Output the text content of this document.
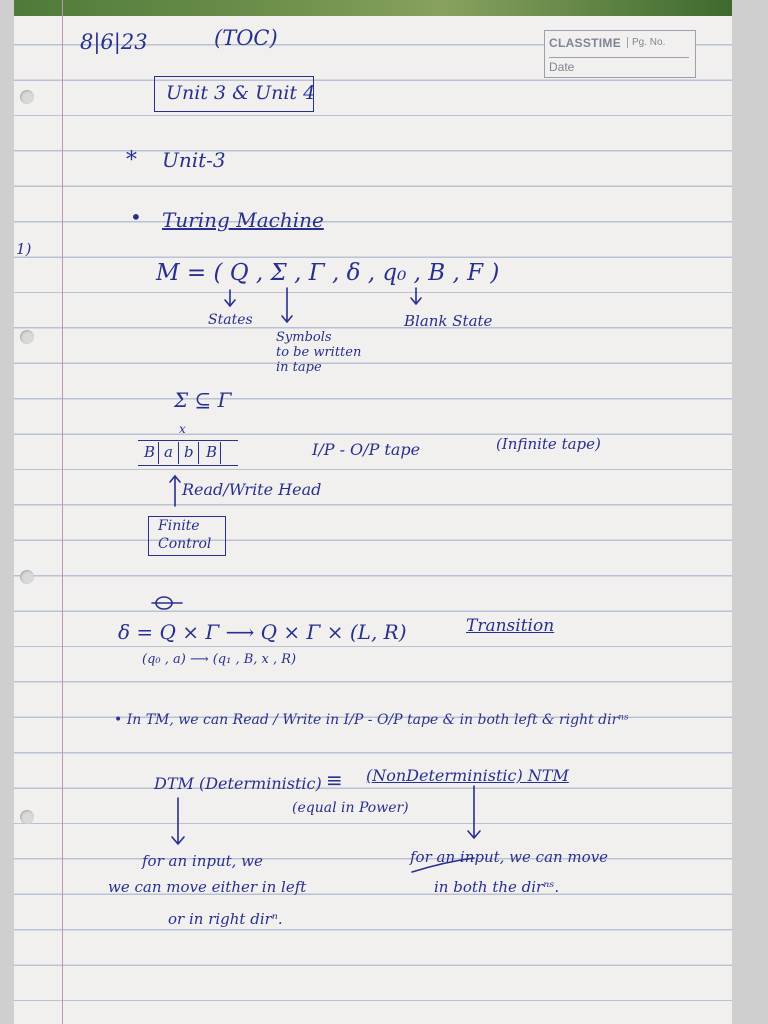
8|6|23	(TOC)	CLASSTIME	Pg. No.
Date
Unit 3 & Unit 4
* Unit-3
1)
• Turing Machine
M = ( Q , Σ , Γ , δ , q₀ , B , F )
States
Symbols
to be written
in tape
Blank State
Σ ⊆ Γ
x
B a b B	I/P - O/P tape	(Infinite tape)
Read/Write Head
Finite
Control
δ = Q × Γ ⟶ Q × Γ × (L, R)	Transition
(q₀ , a) ⟶ (q₁ , B, x , R)
• In TM, we can Read / Write in I/P - O/P tape & in both left & right dirⁿˢ
DTM (Deterministic) ≡ (NonDeterministic) NTM
(equal in Power)
for an input, we
we can move either in left
or in right dirⁿ.
for an input, we can move
in both the dirⁿˢ.
